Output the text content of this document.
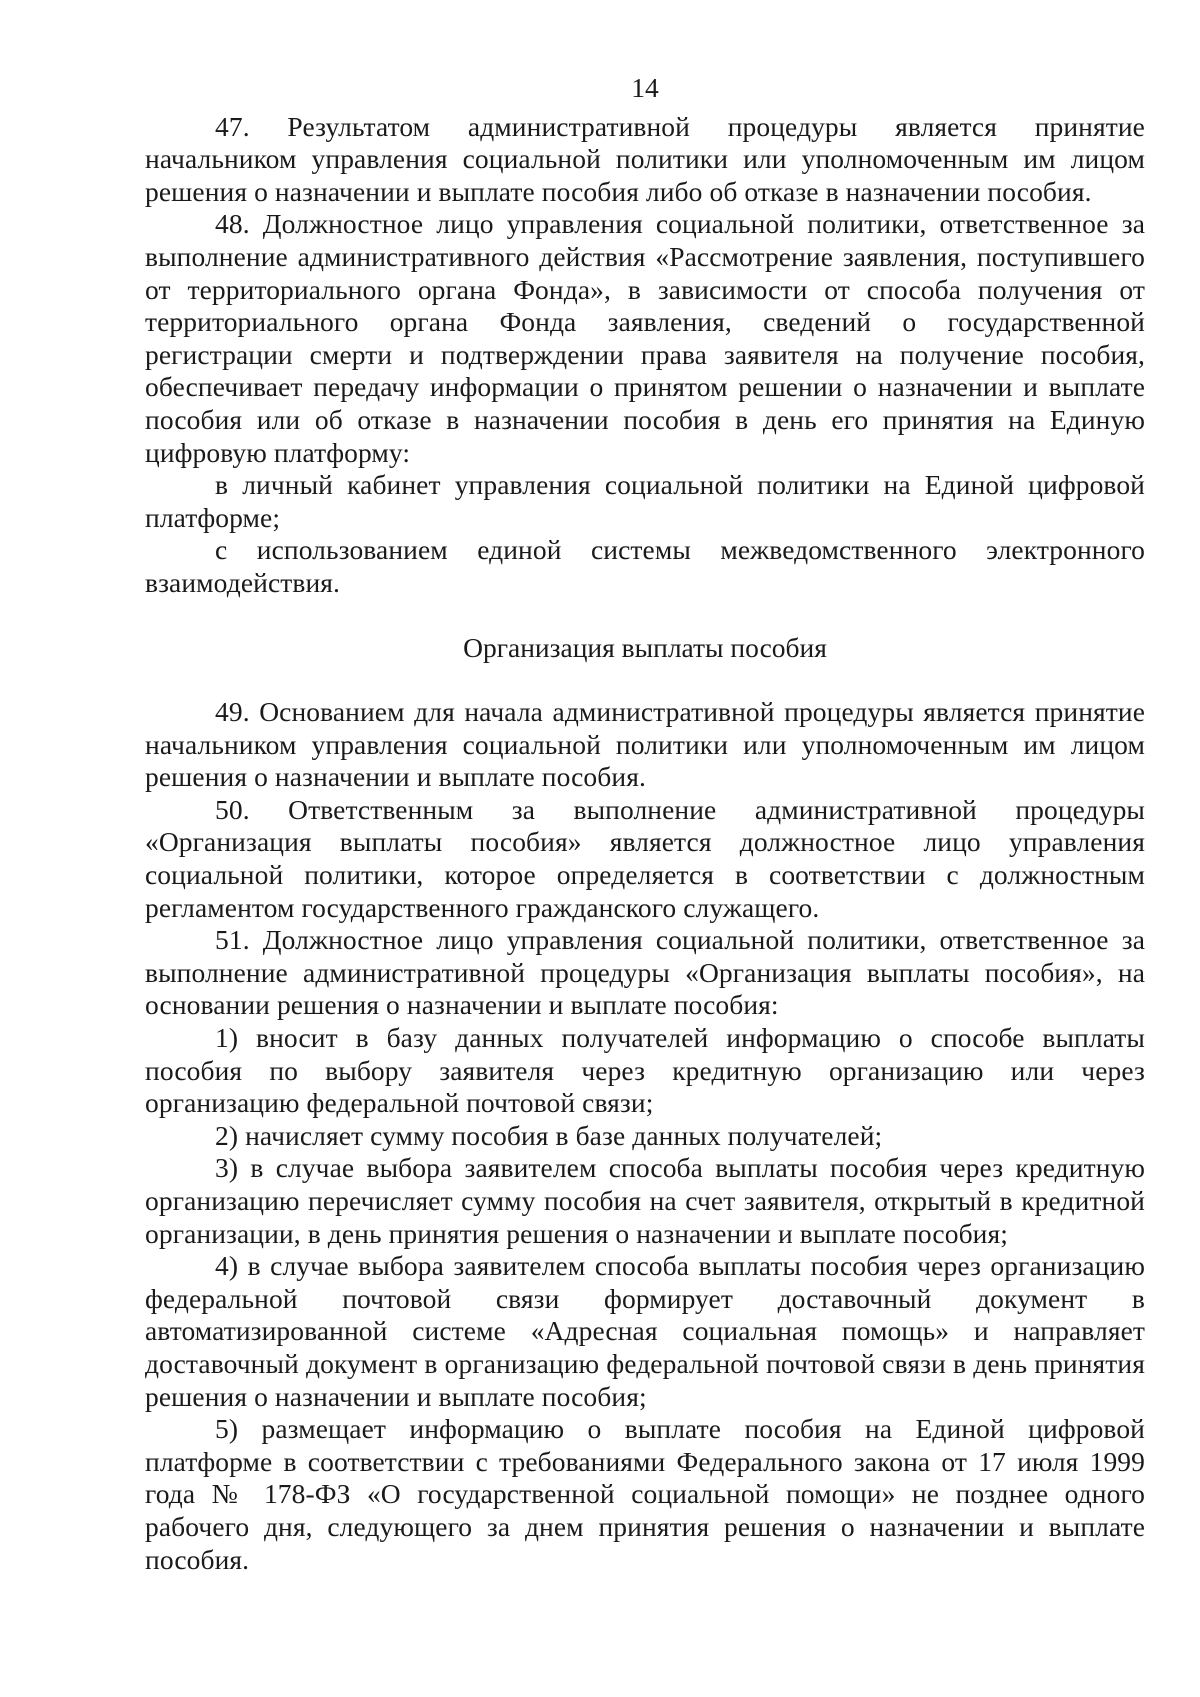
14

47. Результатом административной процедуры является принятие начальником управления социальной политики или уполномоченным им лицом решения о назначении и выплате пособия либо об отказе в назначении пособия.

48. Должностное лицо управления социальной политики, ответственное за выполнение административного действия «Рассмотрение заявления, поступившего от территориального органа Фонда», в зависимости от способа получения от территориального органа Фонда заявления, сведений о государственной регистрации смерти и подтверждении права заявителя на получение пособия, обеспечивает передачу информации о принятом решении о назначении и выплате пособия или об отказе в назначении пособия в день его принятия на Единую цифровую платформу:

в личный кабинет управления социальной политики на Единой цифровой платформе;

с использованием единой системы межведомственного электронного взаимодействия.

Организация выплаты пособия

49. Основанием для начала административной процедуры является принятие начальником управления социальной политики или уполномоченным им лицом решения о назначении и выплате пособия.

50. Ответственным за выполнение административной процедуры «Организация выплаты пособия» является должностное лицо управления социальной политики, которое определяется в соответствии с должностным регламентом государственного гражданского служащего.

51. Должностное лицо управления социальной политики, ответственное за выполнение административной процедуры «Организация выплаты пособия», на основании решения о назначении и выплате пособия:

1) вносит в базу данных получателей информацию о способе выплаты пособия по выбору заявителя через кредитную организацию или через организацию федеральной почтовой связи;

2) начисляет сумму пособия в базе данных получателей;

3) в случае выбора заявителем способа выплаты пособия через кредитную организацию перечисляет сумму пособия на счет заявителя, открытый в кредитной организации, в день принятия решения о назначении и выплате пособия;

4) в случае выбора заявителем способа выплаты пособия через организацию федеральной почтовой связи формирует доставочный документ в автоматизированной системе «Адресная социальная помощь» и направляет доставочный документ в организацию федеральной почтовой связи в день принятия решения о назначении и выплате пособия;

5) размещает информацию о выплате пособия на Единой цифровой платформе в соответствии с требованиями Федерального закона от 17 июля 1999 года № 178-ФЗ «О государственной социальной помощи» не позднее одного рабочего дня, следующего за днем принятия решения о назначении и выплате пособия.
